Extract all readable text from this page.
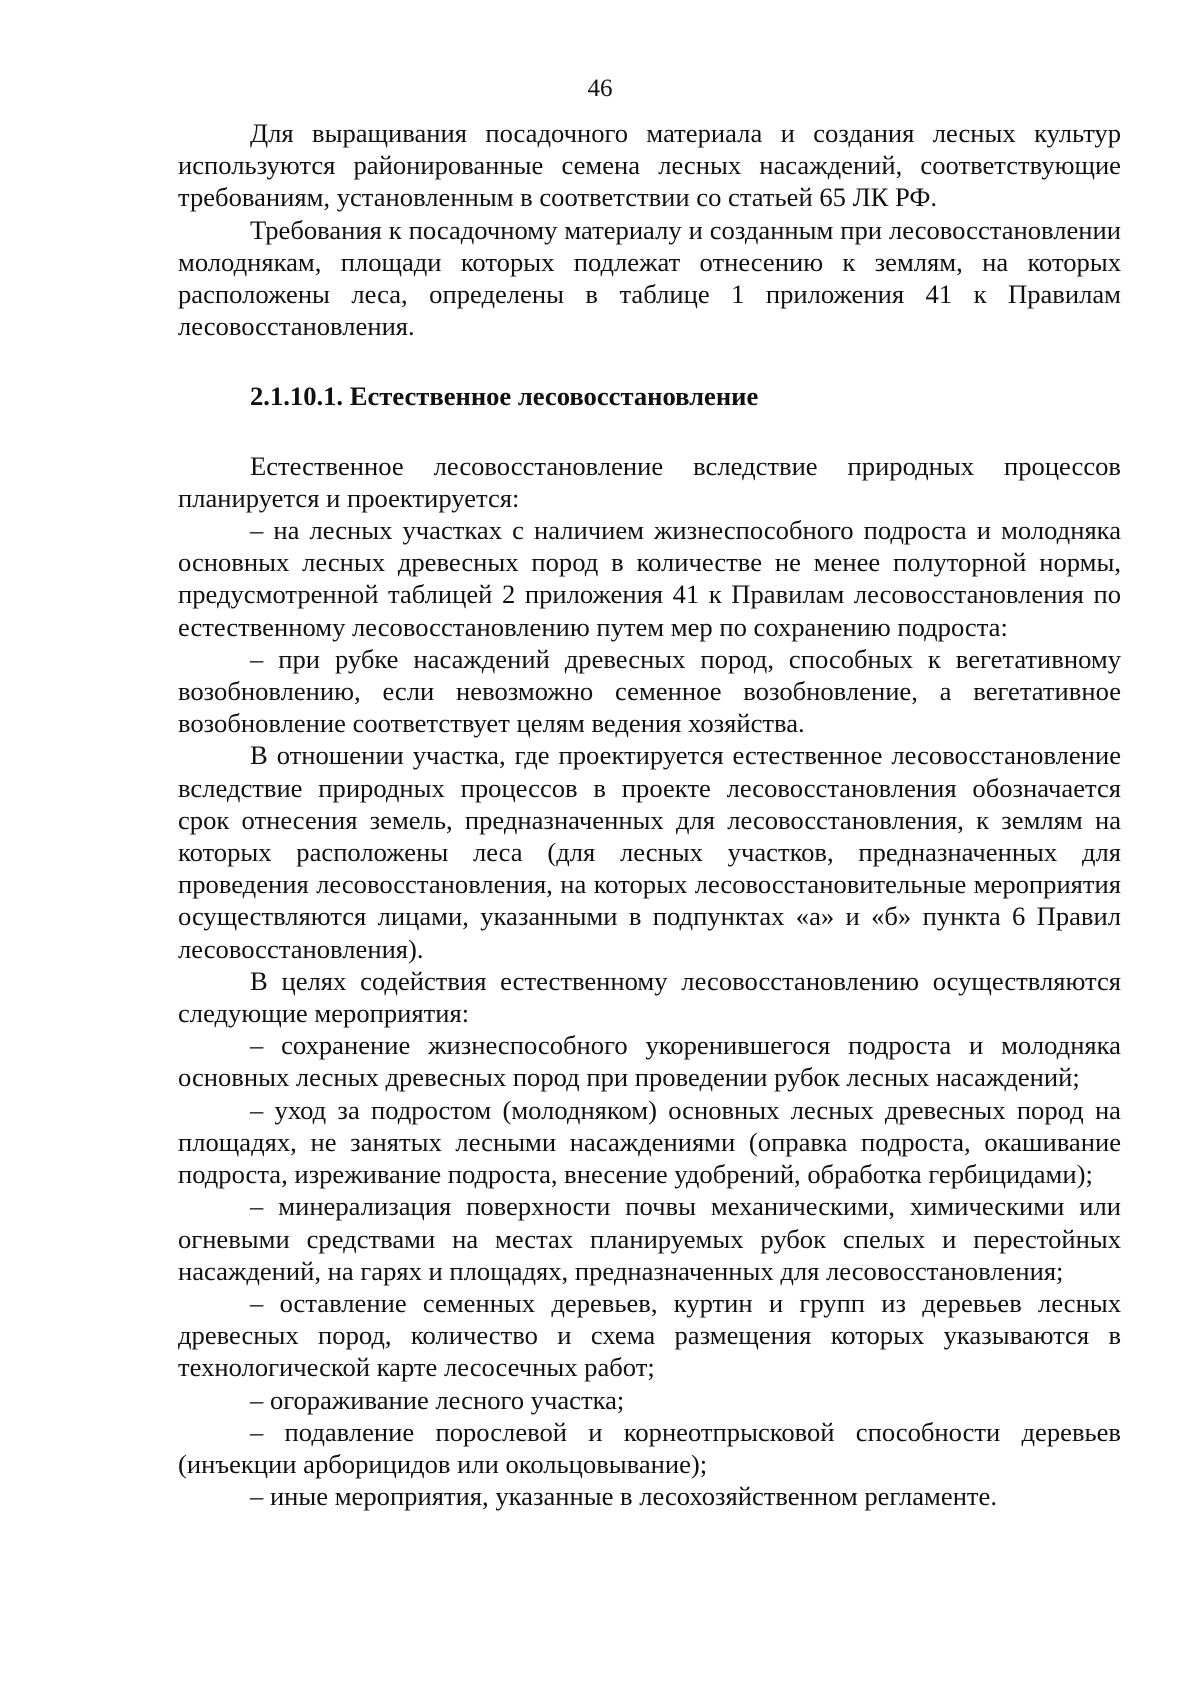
46

Для выращивания посадочного материала и создания лесных культур используются районированные семена лесных насаждений, соответствующие требованиям, установленным в соответствии со статьей 65 ЛК РФ.

Требования к посадочному материалу и созданным при лесовосстановлении молоднякам, площади которых подлежат отнесению к землям, на которых расположены леса, определены в таблице 1 приложения 41 к Правилам лесовосстановления.

2.1.10.1. Естественное лесовосстановление

Естественное лесовосстановление вследствие природных процессов планируется и проектируется:

– на лесных участках с наличием жизнеспособного подроста и молодняка основных лесных древесных пород в количестве не менее полуторной нормы, предусмотренной таблицей 2 приложения 41 к Правилам лесовосстановления по естественному лесовосстановлению путем мер по сохранению подроста:

– при рубке насаждений древесных пород, способных к вегетативному возобновлению, если невозможно семенное возобновление, а вегетативное возобновление соответствует целям ведения хозяйства.

В отношении участка, где проектируется естественное лесовосстановление вследствие природных процессов в проекте лесовосстановления обозначается срок отнесения земель, предназначенных для лесовосстановления, к землям на которых расположены леса (для лесных участков, предназначенных для проведения лесовосстановления, на которых лесовосстановительные мероприятия осуществляются лицами, указанными в подпунктах «а» и «б» пункта 6 Правил лесовосстановления).

В целях содействия естественному лесовосстановлению осуществляются следующие мероприятия:

– сохранение жизнеспособного укоренившегося подроста и молодняка основных лесных древесных пород при проведении рубок лесных насаждений;

– уход за подростом (молодняком) основных лесных древесных пород на площадях, не занятых лесными насаждениями (оправка подроста, окашивание подроста, изреживание подроста, внесение удобрений, обработка гербицидами);

– минерализация поверхности почвы механическими, химическими или огневыми средствами на местах планируемых рубок спелых и перестойных насаждений, на гарях и площадях, предназначенных для лесовосстановления;

– оставление семенных деревьев, куртин и групп из деревьев лесных древесных пород, количество и схема размещения которых указываются в технологической карте лесосечных работ;

– огораживание лесного участка;

– подавление порослевой и корнеотпрысковой способности деревьев (инъекции арборицидов или окольцовывание);

– иные мероприятия, указанные в лесохозяйственном регламенте.
